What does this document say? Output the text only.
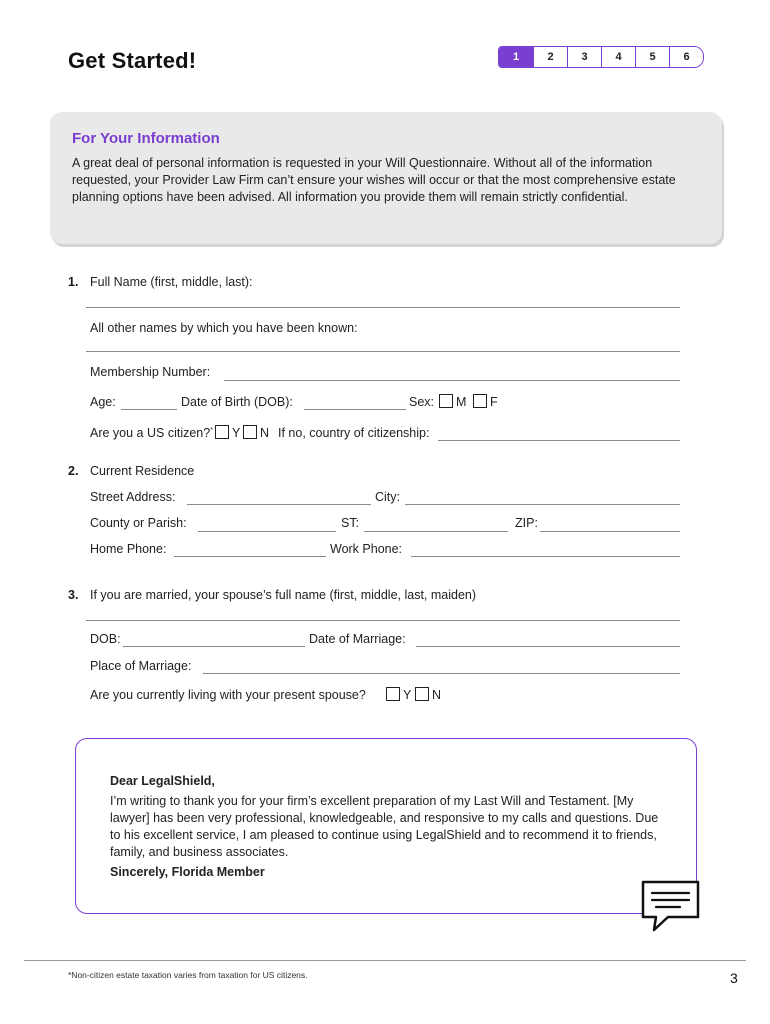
Get Started!	1	2	3	4	5	6
For Your Information
A great deal of personal information is requested in your Will Questionnaire. Without all of the information requested, your Provider Law Firm can’t ensure your wishes will occur or that the most comprehensive estate planning options have been advised. All information you provide them will remain strictly confidential.
1. Full Name (first, middle, last):
All other names by which you have been known:
Membership Number:
Age:	Date of Birth (DOB):	Sex: M F
Are you a US citizen?* Y N If no, country of citizenship:
2. Current Residence
Street Address:	City:
County or Parish:	ST:	ZIP:
Home Phone:	Work Phone:
3. If you are married, your spouse’s full name (first, middle, last, maiden)
DOB:	Date of Marriage:
Place of Marriage:
Are you currently living with your present spouse?	Y N
Dear LegalShield,
I’m writing to thank you for your firm’s excellent preparation of my Last Will and Testament. [My lawyer] has been very professional, knowledgeable, and responsive to my calls and questions. Due to his excellent service, I am pleased to continue using LegalShield and to recommend it to friends, family, and business associates.
Sincerely, Florida Member
*Non-citizen estate taxation varies from taxation for US citizens.	3
